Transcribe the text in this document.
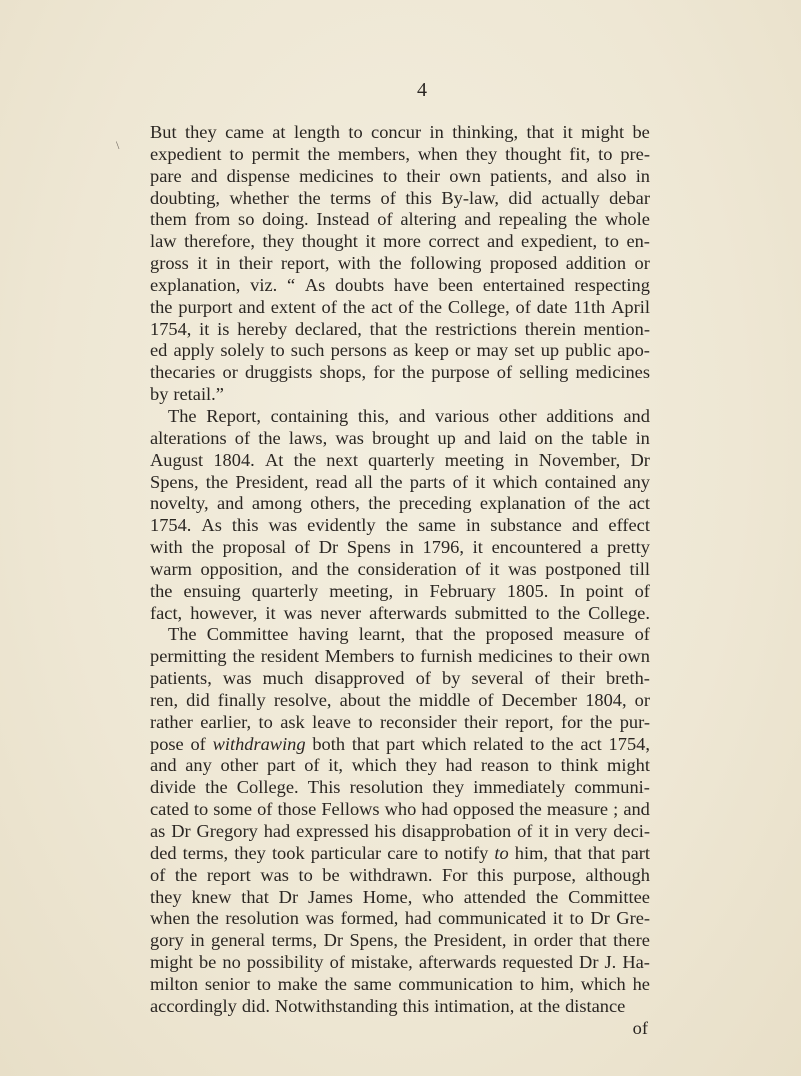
4
\
But they came at length to concur in thinking, that it might be
expedient to permit the members, when they thought fit, to pre-
pare and dispense medicines to their own patients, and also in
doubting, whether the terms of this By-law, did actually debar
them from so doing. Instead of altering and repealing the whole
law therefore, they thought it more correct and expedient, to en-
gross it in their report, with the following proposed addition or
explanation, viz. “ As doubts have been entertained respecting
the purport and extent of the act of the College, of date 11th April
1754, it is hereby declared, that the restrictions therein mention-
ed apply solely to such persons as keep or may set up public apo-
thecaries or druggists shops, for the purpose of selling medicines
by retail.”
The Report, containing this, and various other additions and
alterations of the laws, was brought up and laid on the table in
August 1804. At the next quarterly meeting in November, Dr
Spens, the President, read all the parts of it which contained any
novelty, and among others, the preceding explanation of the act
1754. As this was evidently the same in substance and effect
with the proposal of Dr Spens in 1796, it encountered a pretty
warm opposition, and the consideration of it was postponed till
the ensuing quarterly meeting, in February 1805. In point of
fact, however, it was never afterwards submitted to the College.
The Committee having learnt, that the proposed measure of
permitting the resident Members to furnish medicines to their own
patients, was much disapproved of by several of their breth-
ren, did finally resolve, about the middle of December 1804, or
rather earlier, to ask leave to reconsider their report, for the pur-
pose of withdrawing both that part which related to the act 1754,
and any other part of it, which they had reason to think might
divide the College. This resolution they immediately communi-
cated to some of those Fellows who had opposed the measure ; and
as Dr Gregory had expressed his disapprobation of it in very deci-
ded terms, they took particular care to notify to him, that that part
of the report was to be withdrawn. For this purpose, although
they knew that Dr James Home, who attended the Committee
when the resolution was formed, had communicated it to Dr Gre-
gory in general terms, Dr Spens, the President, in order that there
might be no possibility of mistake, afterwards requested Dr J. Ha-
milton senior to make the same communication to him, which he
accordingly did. Notwithstanding this intimation, at the distance
of
